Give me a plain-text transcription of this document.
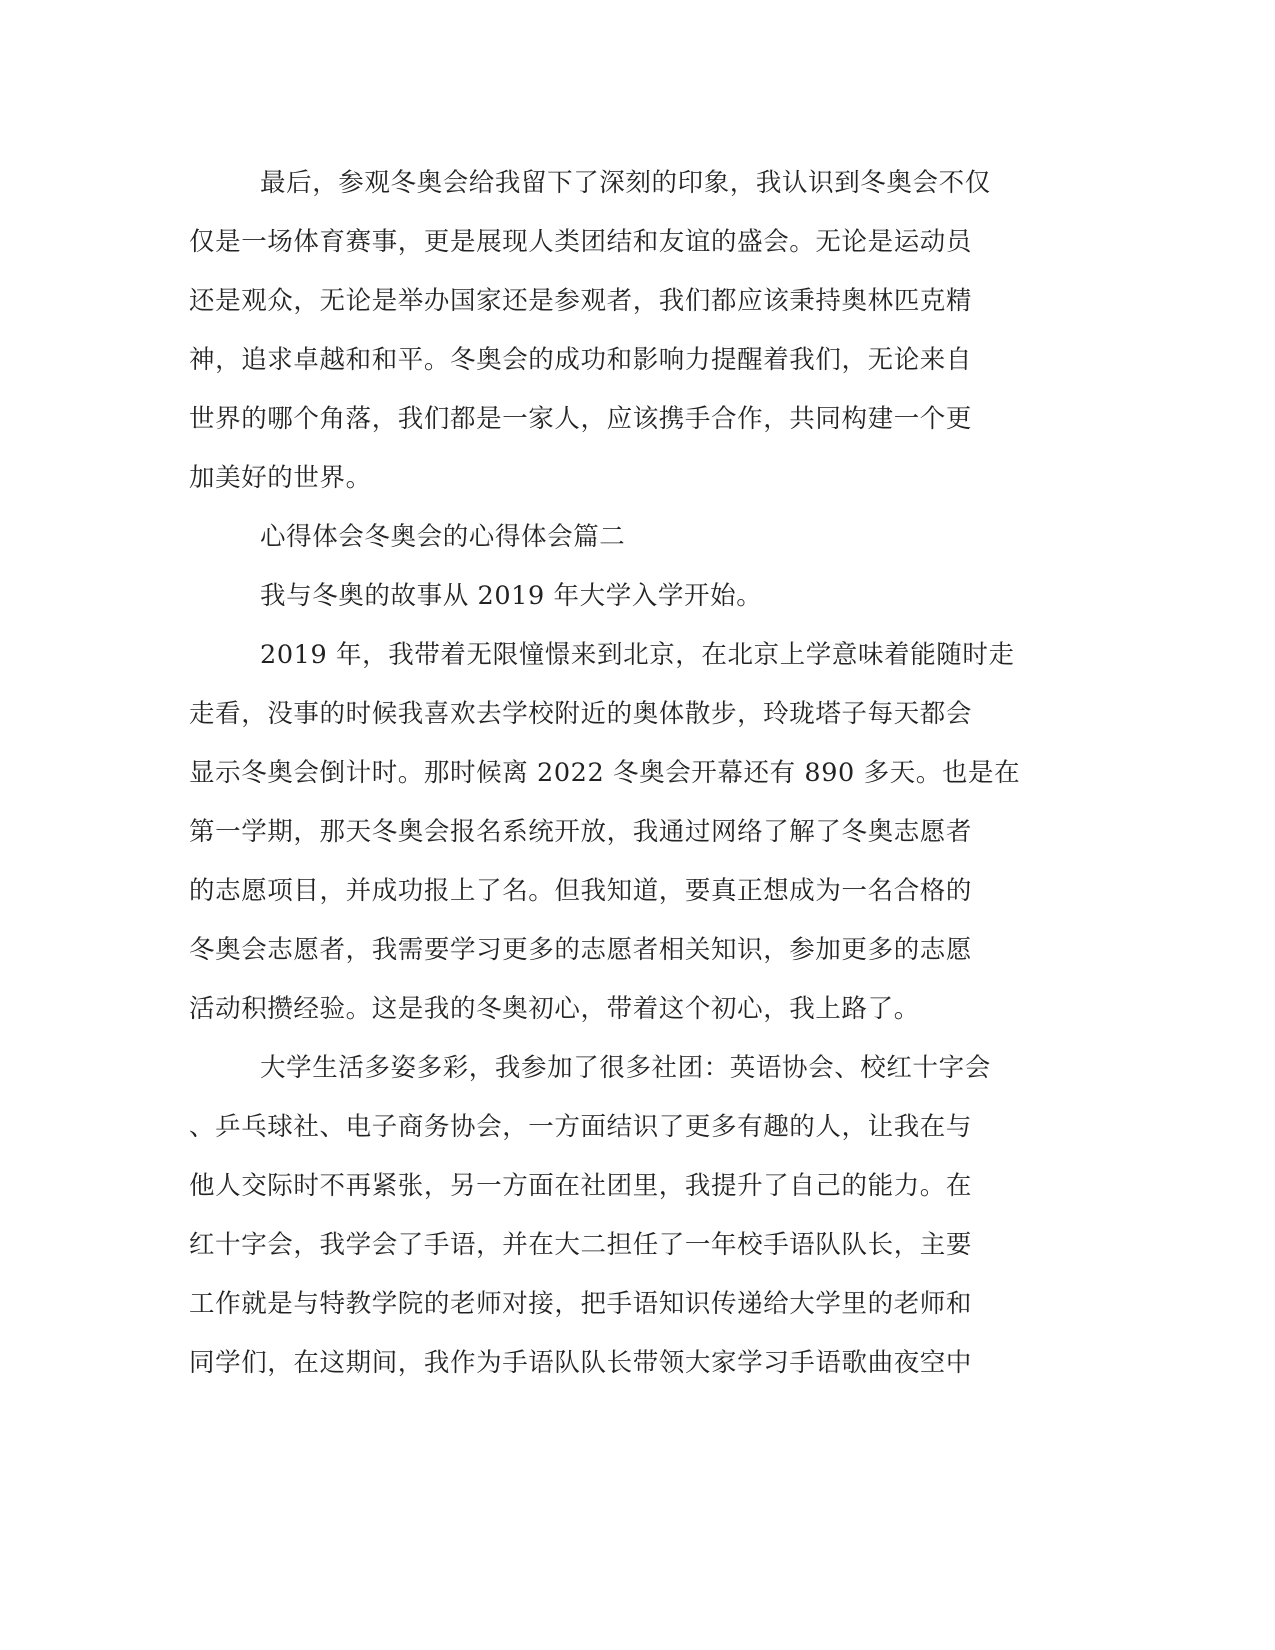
最后，参观冬奥会给我留下了深刻的印象，我认识到冬奥会不仅
仅是一场体育赛事，更是展现人类团结和友谊的盛会。无论是运动员
还是观众，无论是举办国家还是参观者，我们都应该秉持奥林匹克精
神，追求卓越和和平。冬奥会的成功和影响力提醒着我们，无论来自
世界的哪个角落，我们都是一家人，应该携手合作，共同构建一个更
加美好的世界。
心得体会冬奥会的心得体会篇二
我与冬奥的故事从 2019 年大学入学开始。
2019 年，我带着无限憧憬来到北京，在北京上学意味着能随时走
走看，没事的时候我喜欢去学校附近的奥体散步，玲珑塔子每天都会
显示冬奥会倒计时。那时候离 2022 冬奥会开幕还有 890 多天。也是在
第一学期，那天冬奥会报名系统开放，我通过网络了解了冬奥志愿者
的志愿项目，并成功报上了名。但我知道，要真正想成为一名合格的
冬奥会志愿者，我需要学习更多的志愿者相关知识，参加更多的志愿
活动积攒经验。这是我的冬奥初心，带着这个初心，我上路了。
大学生活多姿多彩，我参加了很多社团：英语协会、校红十字会
、乒乓球社、电子商务协会，一方面结识了更多有趣的人，让我在与
他人交际时不再紧张，另一方面在社团里，我提升了自己的能力。在
红十字会，我学会了手语，并在大二担任了一年校手语队队长，主要
工作就是与特教学院的老师对接，把手语知识传递给大学里的老师和
同学们，在这期间，我作为手语队队长带领大家学习手语歌曲夜空中
